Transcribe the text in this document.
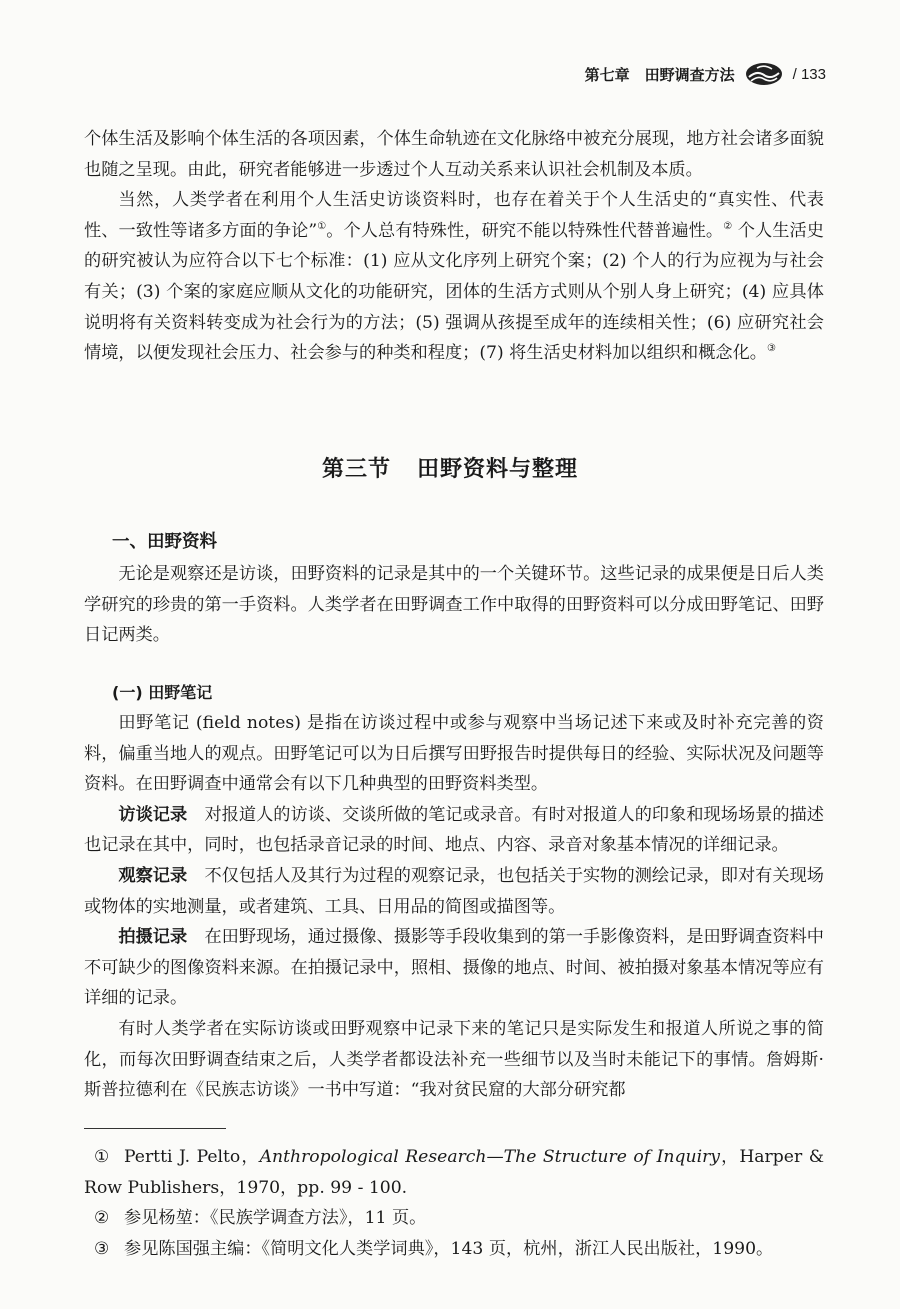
第七章　田野调查方法	/ 133

个体生活及影响个体生活的各项因素，个体生命轨迹在文化脉络中被充分展现，地方社会诸多面貌也随之呈现。由此，研究者能够进一步透过个人互动关系来认识社会机制及本质。

当然，人类学者在利用个人生活史访谈资料时，也存在着关于个人生活史的“真实性、代表性、一致性等诸多方面的争论”①。个人总有特殊性，研究不能以特殊性代替普遍性。② 个人生活史的研究被认为应符合以下七个标准：(1) 应从文化序列上研究个案；(2) 个人的行为应视为与社会有关；(3) 个案的家庭应顺从文化的功能研究，团体的生活方式则从个别人身上研究；(4) 应具体说明将有关资料转变成为社会行为的方法；(5) 强调从孩提至成年的连续相关性；(6) 应研究社会情境，以便发现社会压力、社会参与的种类和程度；(7) 将生活史材料加以组织和概念化。③

第三节 田野资料与整理
一、田野资料

无论是观察还是访谈，田野资料的记录是其中的一个关键环节。这些记录的成果便是日后人类学研究的珍贵的第一手资料。人类学者在田野调查工作中取得的田野资料可以分成田野笔记、田野日记两类。

(一) 田野笔记

田野笔记 (field notes) 是指在访谈过程中或参与观察中当场记述下来或及时补充完善的资料，偏重当地人的观点。田野笔记可以为日后撰写田野报告时提供每日的经验、实际状况及问题等资料。在田野调查中通常会有以下几种典型的田野资料类型。

访谈记录　对报道人的访谈、交谈所做的笔记或录音。有时对报道人的印象和现场场景的描述也记录在其中，同时，也包括录音记录的时间、地点、内容、录音对象基本情况的详细记录。

观察记录　不仅包括人及其行为过程的观察记录，也包括关于实物的测绘记录，即对有关现场或物体的实地测量，或者建筑、工具、日用品的简图或描图等。

拍摄记录　在田野现场，通过摄像、摄影等手段收集到的第一手影像资料，是田野调查资料中不可缺少的图像资料来源。在拍摄记录中，照相、摄像的地点、时间、被拍摄对象基本情况等应有详细的记录。

有时人类学者在实际访谈或田野观察中记录下来的笔记只是实际发生和报道人所说之事的简化，而每次田野调查结束之后，人类学者都设法补充一些细节以及当时未能记下的事情。詹姆斯·斯普拉德利在《民族志访谈》一书中写道：“我对贫民窟的大部分研究都

① Pertti J. Pelto，Anthropological Research—The Structure of Inquiry，Harper & Row Publishers，1970，pp. 99 - 100.

② 参见杨堃：《民族学调查方法》，11 页。

③ 参见陈国强主编：《简明文化人类学词典》，143 页，杭州，浙江人民出版社，1990。
